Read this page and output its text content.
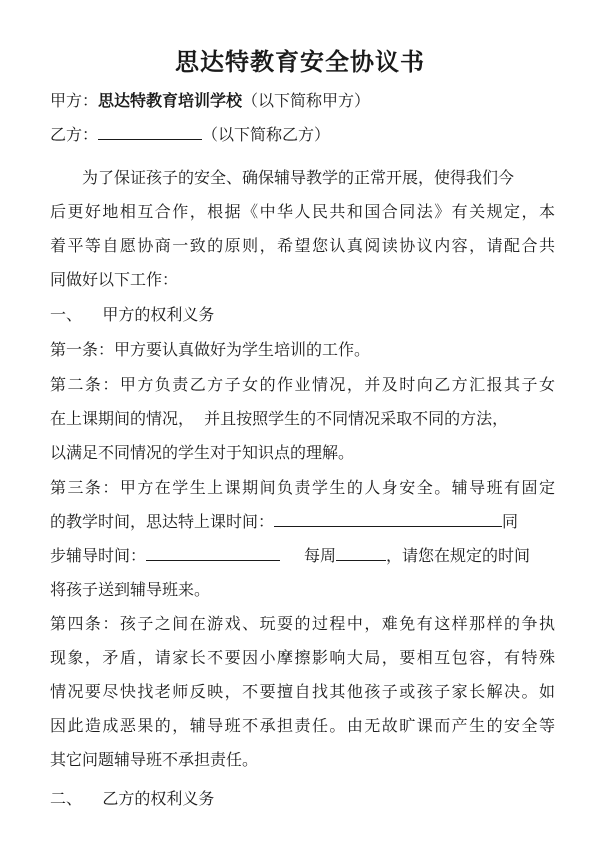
思达特教育安全协议书
甲方：思达特教育培训学校（以下简称甲方）
乙方：	（以下简称乙方）
为了保证孩子的安全、确保辅导教学的正常开展，使得我们今
后更好地相互合作，根据《中华人民共和国合同法》有关规定，本
着平等自愿协商一致的原则，希望您认真阅读协议内容，请配合共
同做好以下工作：
一、    甲方的权利义务
第一条：甲方要认真做好为学生培训的工作。
第二条：甲方负责乙方子女的作业情况，并及时向乙方汇报其子女
在上课期间的情况，  并且按照学生的不同情况采取不同的方法，
以满足不同情况的学生对于知识点的理解。
第三条：甲方在学生上课期间负责学生的人身安全。辅导班有固定
的教学时间，思达特上课时间：	同
步辅导时间：	每周	，请您在规定的时间
将孩子送到辅导班来。
第四条：孩子之间在游戏、玩耍的过程中，难免有这样那样的争执
现象，矛盾，请家长不要因小摩擦影响大局，要相互包容，有特殊
情况要尽快找老师反映，不要擅自找其他孩子或孩子家长解决。如
因此造成恶果的，辅导班不承担责任。由无故旷课而产生的安全等
其它问题辅导班不承担责任。
二、    乙方的权利义务
